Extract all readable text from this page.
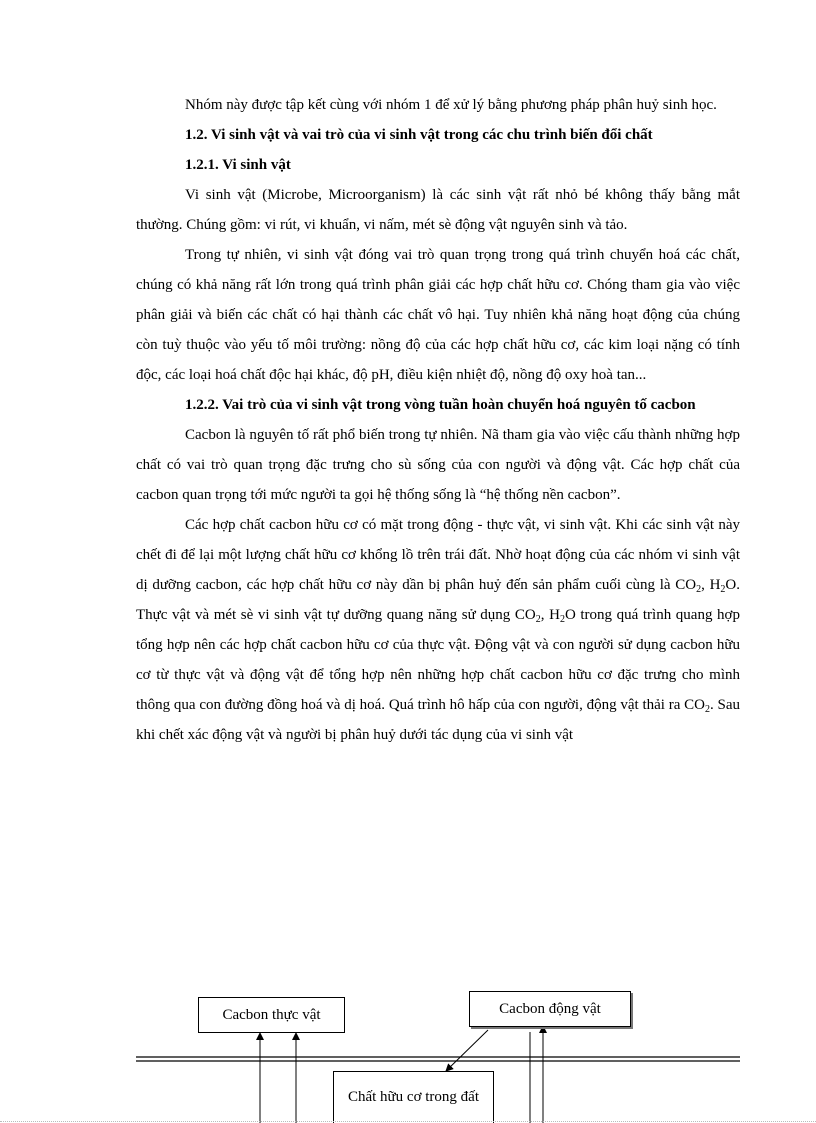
Nhóm này được tập kết cùng với nhóm 1 để xử lý bằng phương pháp phân huỷ sinh học.

1.2. Vi sinh vật và vai trò của vi sinh vật trong các chu trình biến đổi chất

1.2.1. Vi sinh vật

Vi sinh vật (Microbe, Microorganism) là các sinh vật rất nhỏ bé không thấy bằng mắt thường. Chúng gồm: vi rút, vi khuẩn, vi nấm, mét sè động vật nguyên sinh và tảo.

Trong tự nhiên, vi sinh vật đóng vai trò quan trọng trong quá trình chuyển hoá các chất, chúng có khả năng rất lớn trong quá trình phân giải các hợp chất hữu cơ. Chóng tham gia vào việc phân giải và biến các chất có hại thành các chất vô hại. Tuy nhiên khả năng hoạt động của chúng còn tuỳ thuộc vào yếu tố môi trường: nồng độ của các hợp chất hữu cơ, các kim loại nặng có tính độc, các loại hoá chất độc hại khác, độ pH, điều kiện nhiệt độ, nồng độ oxy hoà tan...

1.2.2. Vai trò của vi sinh vật trong vòng tuần hoàn chuyển hoá nguyên tố cacbon

Cacbon là nguyên tố rất phổ biến trong tự nhiên. Nã tham gia vào việc cấu thành những hợp chất có vai trò quan trọng đặc trưng cho sù sống của con người và động vật. Các hợp chất của cacbon quan trọng tới mức người ta gọi hệ thống sống là “hệ thống nền cacbon”.

Các hợp chất cacbon hữu cơ có mặt trong động - thực vật, vi sinh vật. Khi các sinh vật này chết đi để lại một lượng chất hữu cơ khổng lồ trên trái đất. Nhờ hoạt động của các nhóm vi sinh vật dị dưỡng cacbon, các hợp chất hữu cơ này dần bị phân huỷ đến sản phẩm cuối cùng là $CO_2$, $H_2O$. Thực vật và mét sè vi sinh vật tự dưỡng quang năng sử dụng $CO_2$, $H_2O$ trong quá trình quang hợp tổng hợp nên các hợp chất cacbon hữu cơ của thực vật. Động vật và con người sử dụng cacbon hữu cơ từ thực vật và động vật để tổng hợp nên những hợp chất cacbon hữu cơ đặc trưng cho mình thông qua con đường đồng hoá và dị hoá. Quá trình hô hấp của con người, động vật thải ra $CO_2$. Sau khi chết xác động vật và người bị phân huỷ dưới tác dụng của vi sinh vật

Cacbon thực vật	Cacbon động vật
Chất hữu cơ trong đất
